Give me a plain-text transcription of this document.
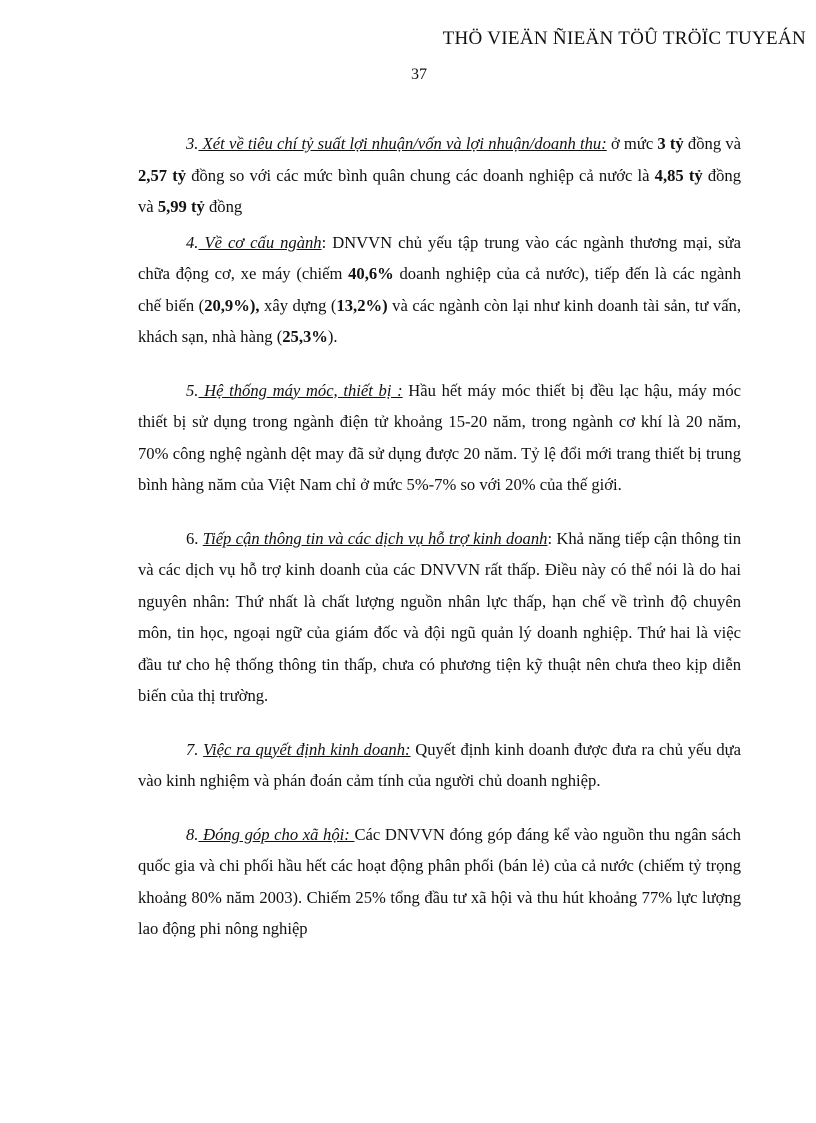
THÖ VIEÄN ÑIEÄN TÖÛ TRÖÏC TUYEÁN
37

3. Xét về tiêu chí tỷ suất lợi nhuận/vốn và lợi nhuận/doanh thu: ở mức 3 tỷ đồng và 2,57 tỷ đồng so với các mức bình quân chung các doanh nghiệp cả nước là 4,85 tỷ đồng và 5,99 tỷ đồng

4. Về cơ cấu ngành: DNVVN chủ yếu tập trung vào các ngành thương mại, sửa chữa động cơ, xe máy (chiếm 40,6% doanh nghiệp của cả nước), tiếp đến là các ngành chế biến (20,9%), xây dựng (13,2%) và các ngành còn lại như kinh doanh tài sản, tư vấn, khách sạn, nhà hàng (25,3%).

5. Hệ thống máy móc, thiết bị : Hầu hết máy móc thiết bị đều lạc hậu, máy móc thiết bị sử dụng trong ngành điện tử khoảng 15-20 năm, trong ngành cơ khí là 20 năm, 70% công nghệ ngành dệt may đã sử dụng được 20 năm. Tỷ lệ đổi mới trang thiết bị trung bình hàng năm của Việt Nam chỉ ở mức 5%-7% so với 20% của thế giới.

6. Tiếp cận thông tin và các dịch vụ hỗ trợ kinh doanh: Khả năng tiếp cận thông tin và các dịch vụ hỗ trợ kinh doanh của các DNVVN rất thấp. Điều này có thể nói là do hai nguyên nhân: Thứ nhất là chất lượng nguồn nhân lực thấp, hạn chế về trình độ chuyên môn, tin học, ngoại ngữ của giám đốc và đội ngũ quản lý doanh nghiệp. Thứ hai là việc đầu tư cho hệ thống thông tin thấp, chưa có phương tiện kỹ thuật nên chưa theo kịp diễn biến của thị trường.

7. Việc ra quyết định kinh doanh: Quyết định kinh doanh được đưa ra chủ yếu dựa vào kinh nghiệm và phán đoán cảm tính của người chủ doanh nghiệp.

8. Đóng góp cho xã hội: Các DNVVN đóng góp đáng kể vào nguồn thu ngân sách quốc gia và chi phối hầu hết các hoạt động phân phối (bán lẻ) của cả nước (chiếm tỷ trọng khoảng 80% năm 2003). Chiếm 25% tổng đầu tư xã hội và thu hút khoảng 77% lực lượng lao động phi nông nghiệp
